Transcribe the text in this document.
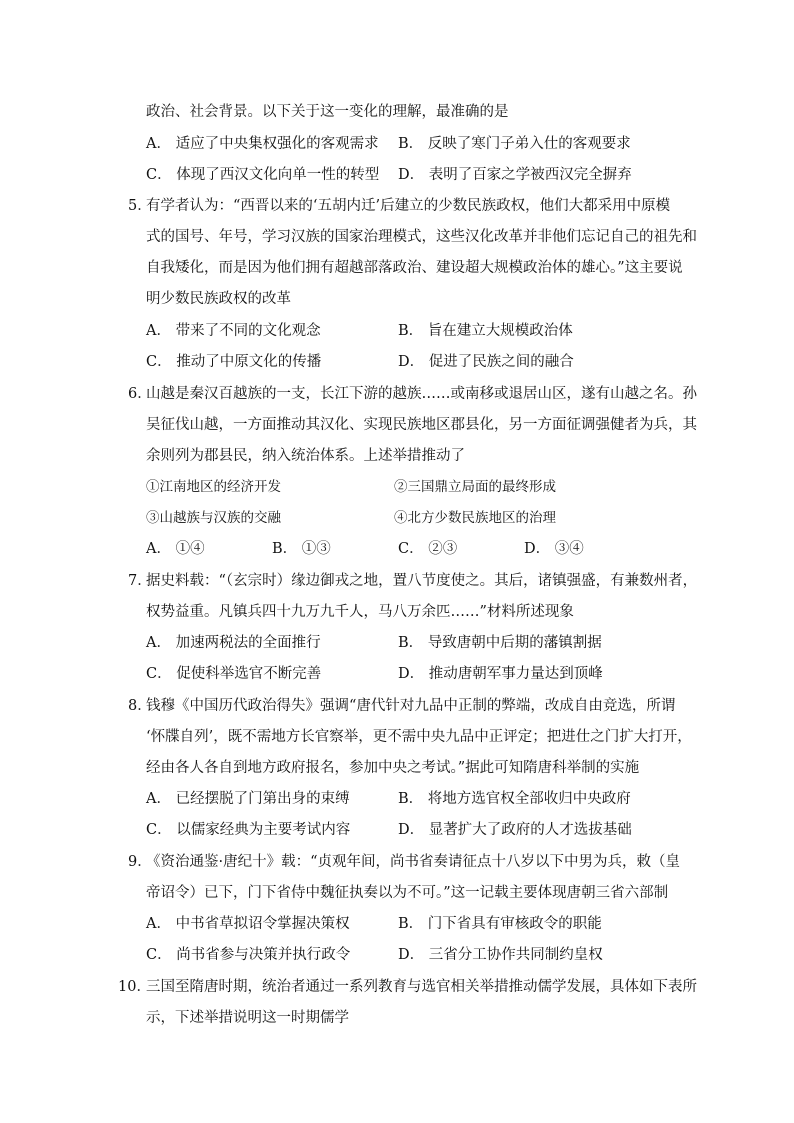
政治、社会背景。以下关于这一变化的理解，最准确的是
A． 适应了中央集权强化的客观需求 B． 反映了寒门子弟入仕的客观要求
C． 体现了西汉文化向单一性的转型 D． 表明了百家之学被西汉完全摒弃
5．
有学者认为：“西晋以来的‘五胡内迁’后建立的少数民族政权，他们大都采用中原模
式的国号、年号，学习汉族的国家治理模式，这些汉化改革并非他们忘记自己的祖先和
自我矮化，而是因为他们拥有超越部落政治、建设超大规模政治体的雄心。”这主要说
明少数民族政权的改革
A． 带来了不同的文化观念	B． 旨在建立大规模政治体
C． 推动了中原文化的传播	D． 促进了民族之间的融合
6．
山越是秦汉百越族的一支，长江下游的越族……或南移或退居山区，遂有山越之名。孙
吴征伐山越，一方面推动其汉化、实现民族地区郡县化，另一方面征调强健者为兵，其
余则列为郡县民，纳入统治体系。上述举措推动了
①江南地区的经济开发	②三国鼎立局面的最终形成
③山越族与汉族的交融	④北方少数民族地区的治理
A． ①④	B． ①③	C． ②③	D． ③④
7．
据史料载：“（玄宗时）缘边御戎之地，置八节度使之。其后，诸镇强盛，有兼数州者，
权势益重。凡镇兵四十九万九千人，马八万余匹……”材料所述现象
A． 加速两税法的全面推行	B． 导致唐朝中后期的藩镇割据
C． 促使科举选官不断完善	D． 推动唐朝军事力量达到顶峰
8．
钱穆《中国历代政治得失》强调“唐代针对九品中正制的弊端，改成自由竞选，所谓
‘怀牒自列’，既不需地方长官察举，更不需中央九品中正评定；把进仕之门扩大打开，
经由各人各自到地方政府报名，参加中央之考试。”据此可知隋唐科举制的实施
A． 已经摆脱了门第出身的束缚	B． 将地方选官权全部收归中央政府
C． 以儒家经典为主要考试内容	D． 显著扩大了政府的人才选拔基础
9．
《资治通鉴·唐纪十》载：“贞观年间，尚书省奏请征点十八岁以下中男为兵，敕（皇
帝诏令）已下，门下省侍中魏征执奏以为不可。”这一记载主要体现唐朝三省六部制
A． 中书省草拟诏令掌握决策权	B． 门下省具有审核政令的职能
C． 尚书省参与决策并执行政令	D． 三省分工协作共同制约皇权
10．
三国至隋唐时期，统治者通过一系列教育与选官相关举措推动儒学发展，具体如下表所
示，下述举措说明这一时期儒学
